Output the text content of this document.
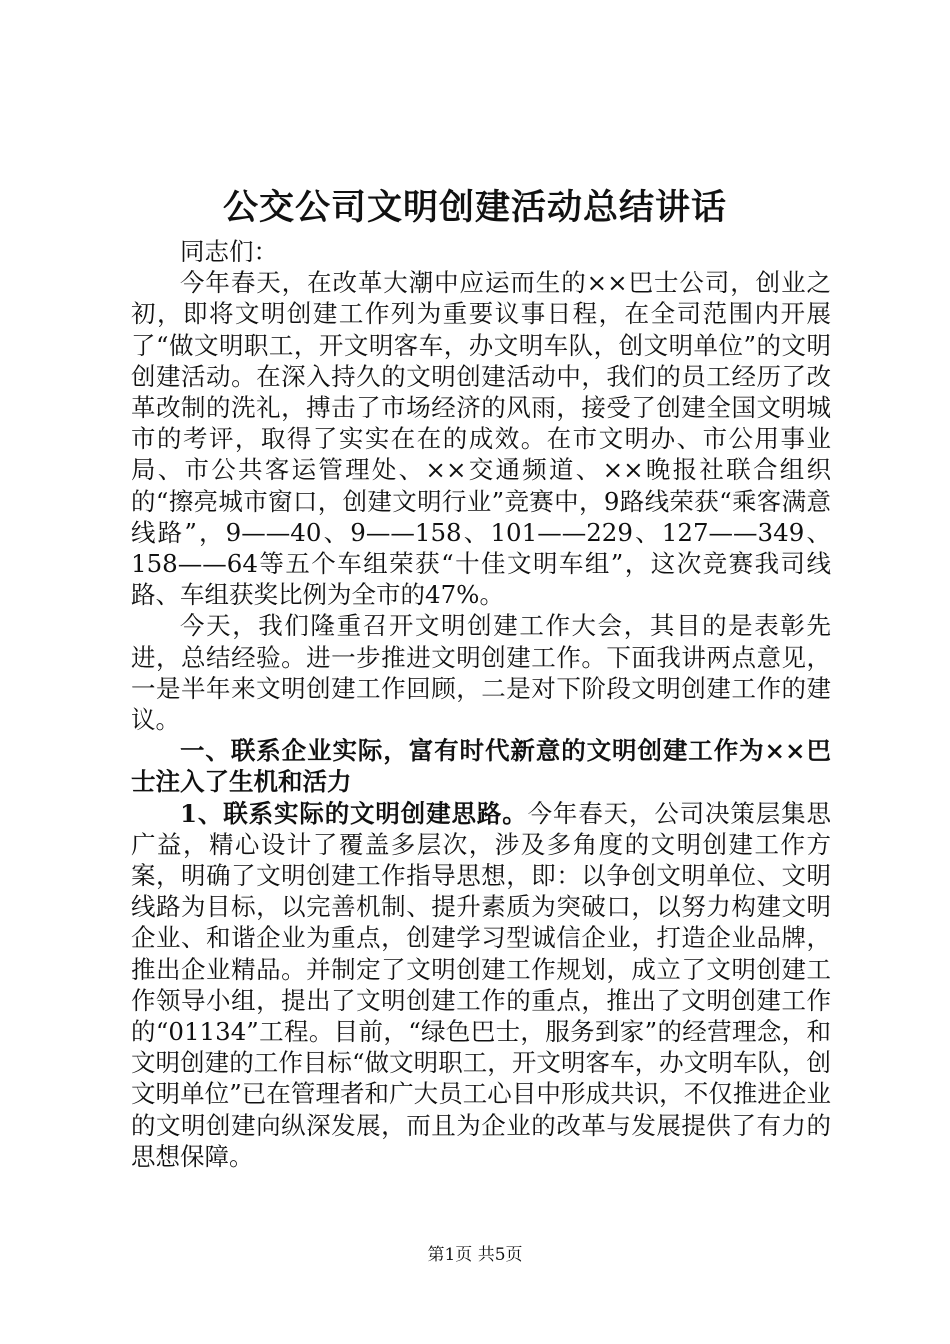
公交公司文明创建活动总结讲话

同志们：

今年春天，在改革大潮中应运而生的××巴士公司，创业之初，即将文明创建工作列为重要议事日程，在全司范围内开展了“做文明职工，开文明客车，办文明车队，创文明单位”的文明创建活动。在深入持久的文明创建活动中，我们的员工经历了改革改制的洗礼，搏击了市场经济的风雨，接受了创建全国文明城市的考评，取得了实实在在的成效。在市文明办、市公用事业局、市公共客运管理处、××交通频道、××晚报社联合组织的“擦亮城市窗口，创建文明行业”竞赛中，9路线荣获“乘客满意线路”，9——40、9——158、101——229、127——349、158——64等五个车组荣获“十佳文明车组”，这次竞赛我司线路、车组获奖比例为全市的47%。

今天，我们隆重召开文明创建工作大会，其目的是表彰先进，总结经验。进一步推进文明创建工作。下面我讲两点意见，一是半年来文明创建工作回顾，二是对下阶段文明创建工作的建议。

一、联系企业实际，富有时代新意的文明创建工作为××巴士注入了生机和活力

1、联系实际的文明创建思路。今年春天，公司决策层集思广益，精心设计了覆盖多层次，涉及多角度的文明创建工作方案，明确了文明创建工作指导思想，即：以争创文明单位、文明线路为目标，以完善机制、提升素质为突破口，以努力构建文明企业、和谐企业为重点，创建学习型诚信企业，打造企业品牌，推出企业精品。并制定了文明创建工作规划，成立了文明创建工作领导小组，提出了文明创建工作的重点，推出了文明创建工作的“01134”工程。目前，“绿色巴士，服务到家”的经营理念，和文明创建的工作目标“做文明职工，开文明客车，办文明车队，创文明单位”已在管理者和广大员工心目中形成共识，不仅推进企业的文明创建向纵深发展，而且为企业的改革与发展提供了有力的思想保障。

第1页 共5页
